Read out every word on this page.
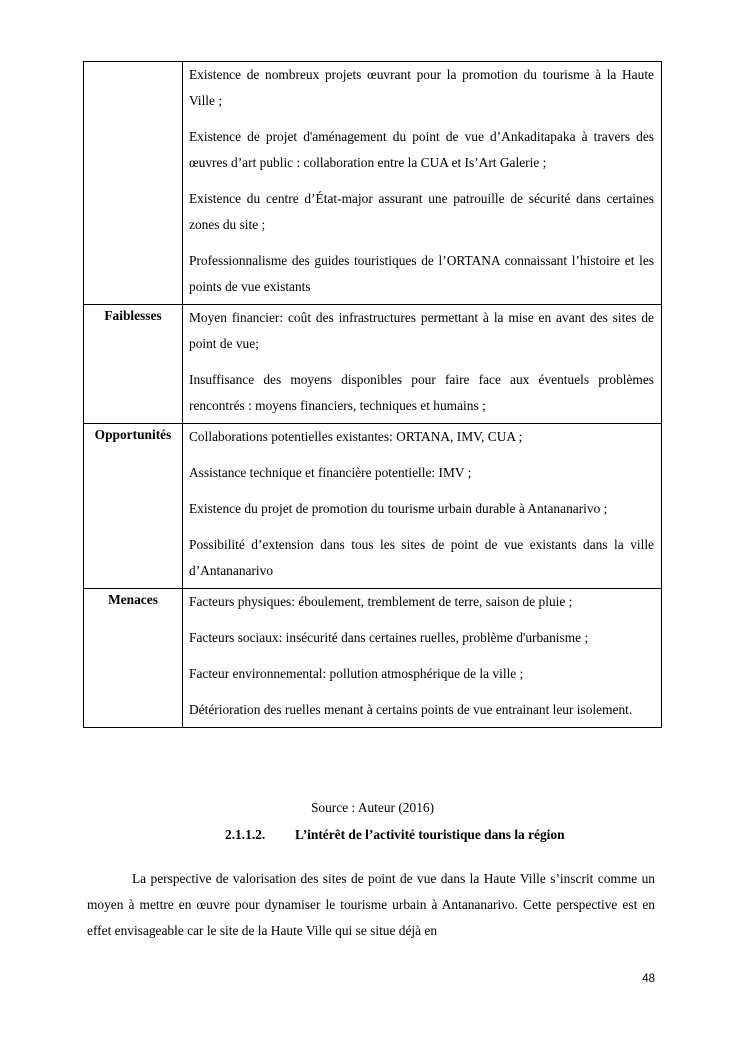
	Existence de nombreux projets œuvrant pour la promotion du tourisme à la Haute Ville ;

Existence de projet d'aménagement du point de vue d’Ankaditapaka à travers des œuvres d’art public : collaboration entre la CUA et Is’Art Galerie ;

Existence du centre d’État-major assurant une patrouille de sécurité dans certaines zones du site ;

Professionnalisme des guides touristiques de l’ORTANA connaissant l’histoire et les points de vue existants

Faiblesses	Moyen financier: coût des infrastructures permettant à la mise en avant des sites de point de vue;

Insuffisance des moyens disponibles pour faire face aux éventuels problèmes rencontrés : moyens financiers, techniques et humains ;

Opportunités	Collaborations potentielles existantes: ORTANA, IMV, CUA ;

Assistance technique et financière potentielle: IMV ;

Existence du projet de promotion du tourisme urbain durable à Antananarivo ;

Possibilité d’extension dans tous les sites de point de vue existants dans la ville d’Antananarivo

Menaces	Facteurs physiques: éboulement, tremblement de terre, saison de pluie ;

Facteurs sociaux: insécurité dans certaines ruelles, problème d'urbanisme ;

Facteur environnemental: pollution atmosphérique de la ville ;

Détérioration des ruelles menant à certains points de vue entrainant leur isolement.

Source : Auteur (2016)
2.1.1.2. L’intérêt de l’activité touristique dans la région

La perspective de valorisation des sites de point de vue dans la Haute Ville s’inscrit comme un moyen à mettre en œuvre pour dynamiser le tourisme urbain à Antananarivo. Cette perspective est en effet envisageable car le site de la Haute Ville qui se situe déjà en

48
